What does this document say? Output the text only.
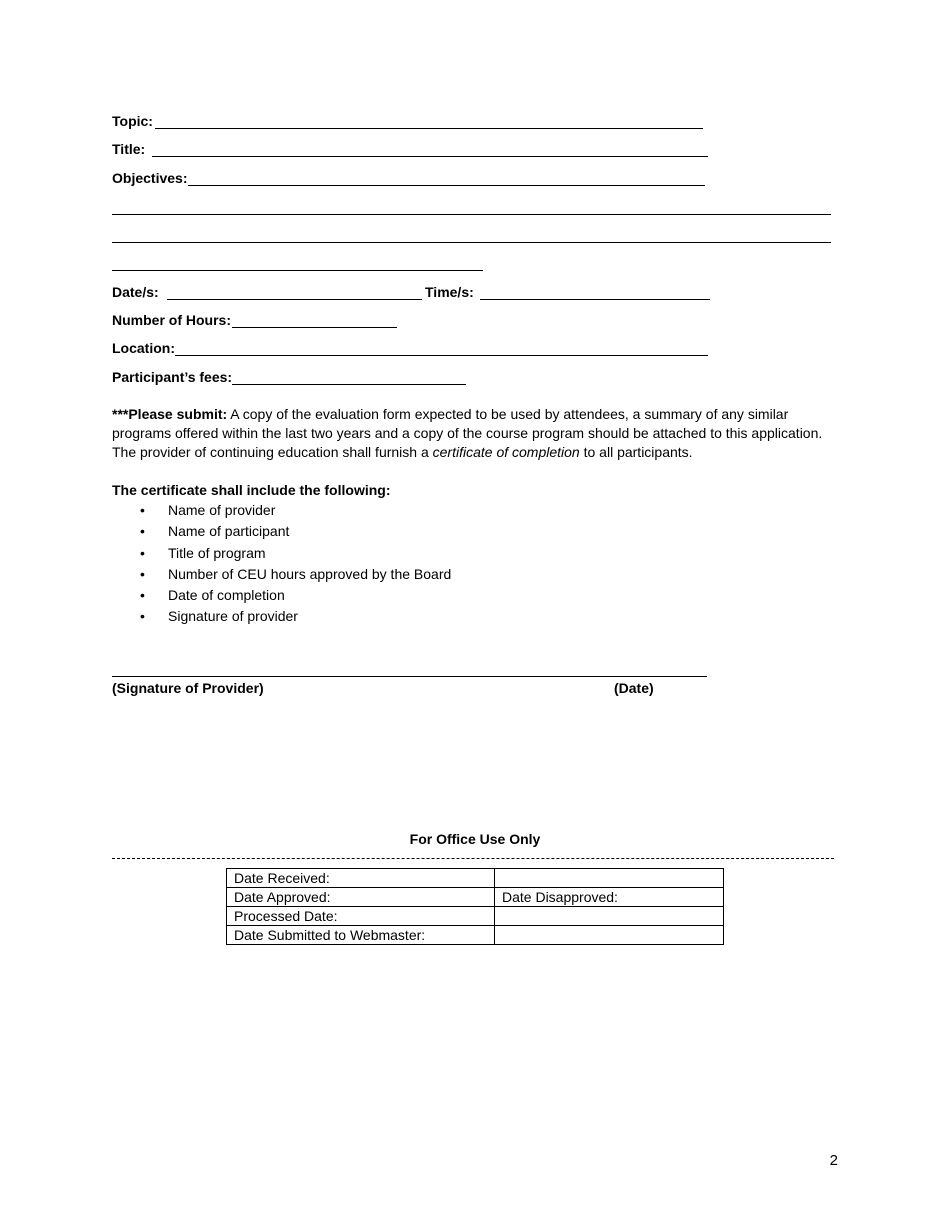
Topic:
Title:
Objectives:
Date/s:	Time/s:
Number of Hours:
Location:
Participant’s fees:
***Please submit: A copy of the evaluation form expected to be used by attendees, a summary of any similar programs offered within the last two years and a copy of the course program should be attached to this application. The provider of continuing education shall furnish a certificate of completion to all participants.
The certificate shall include the following:
• Name of provider
• Name of participant
• Title of program
• Number of CEU hours approved by the Board
• Date of completion
• Signature of provider
(Signature of Provider)	(Date)
For Office Use Only
Date Received:	
Date Approved:	Date Disapproved:
Processed Date:	
Date Submitted to Webmaster:	
2
